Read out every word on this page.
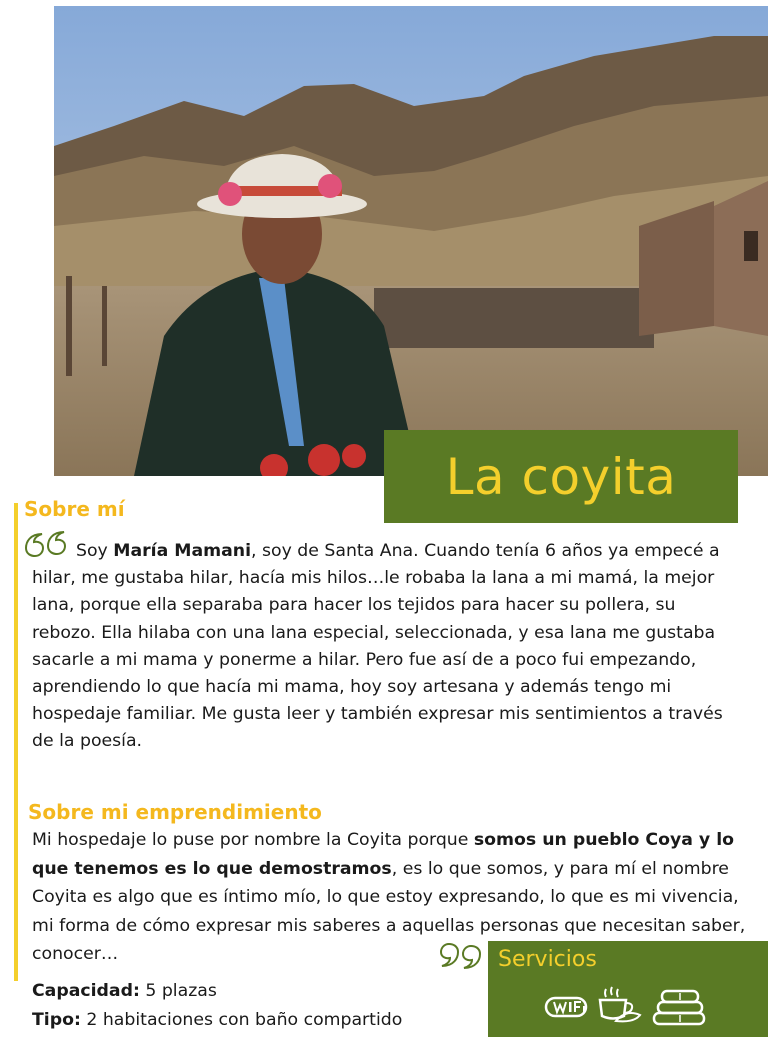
La coyita
Sobre mí

Soy María Mamani, soy de Santa Ana. Cuando tenía 6 años ya empecé a hilar, me gustaba hilar, hacía mis hilos…le robaba la lana a mi mamá, la mejor lana, porque ella separaba para hacer los tejidos para hacer su pollera, su rebozo. Ella hilaba con una lana especial, seleccionada, y esa lana me gustaba sacarle a mi mama y ponerme a hilar. Pero fue así de a poco fui empezando, aprendiendo lo que hacía mi mama, hoy soy artesana y además tengo mi hospedaje familiar. Me gusta leer y también expresar mis sentimientos a través de la poesía.

Sobre mi emprendimiento

Mi hospedaje lo puse por nombre la Coyita porque somos un pueblo Coya y lo que tenemos es lo que demostramos, es lo que somos, y para mí el nombre Coyita es algo que es íntimo mío, lo que estoy expresando, lo que es mi vivencia, mi forma de cómo expresar mis saberes a aquellas personas que necesitan saber, conocer…

Capacidad: 5 plazas
Tipo: 2 habitaciones con baño compartido
Servicios
